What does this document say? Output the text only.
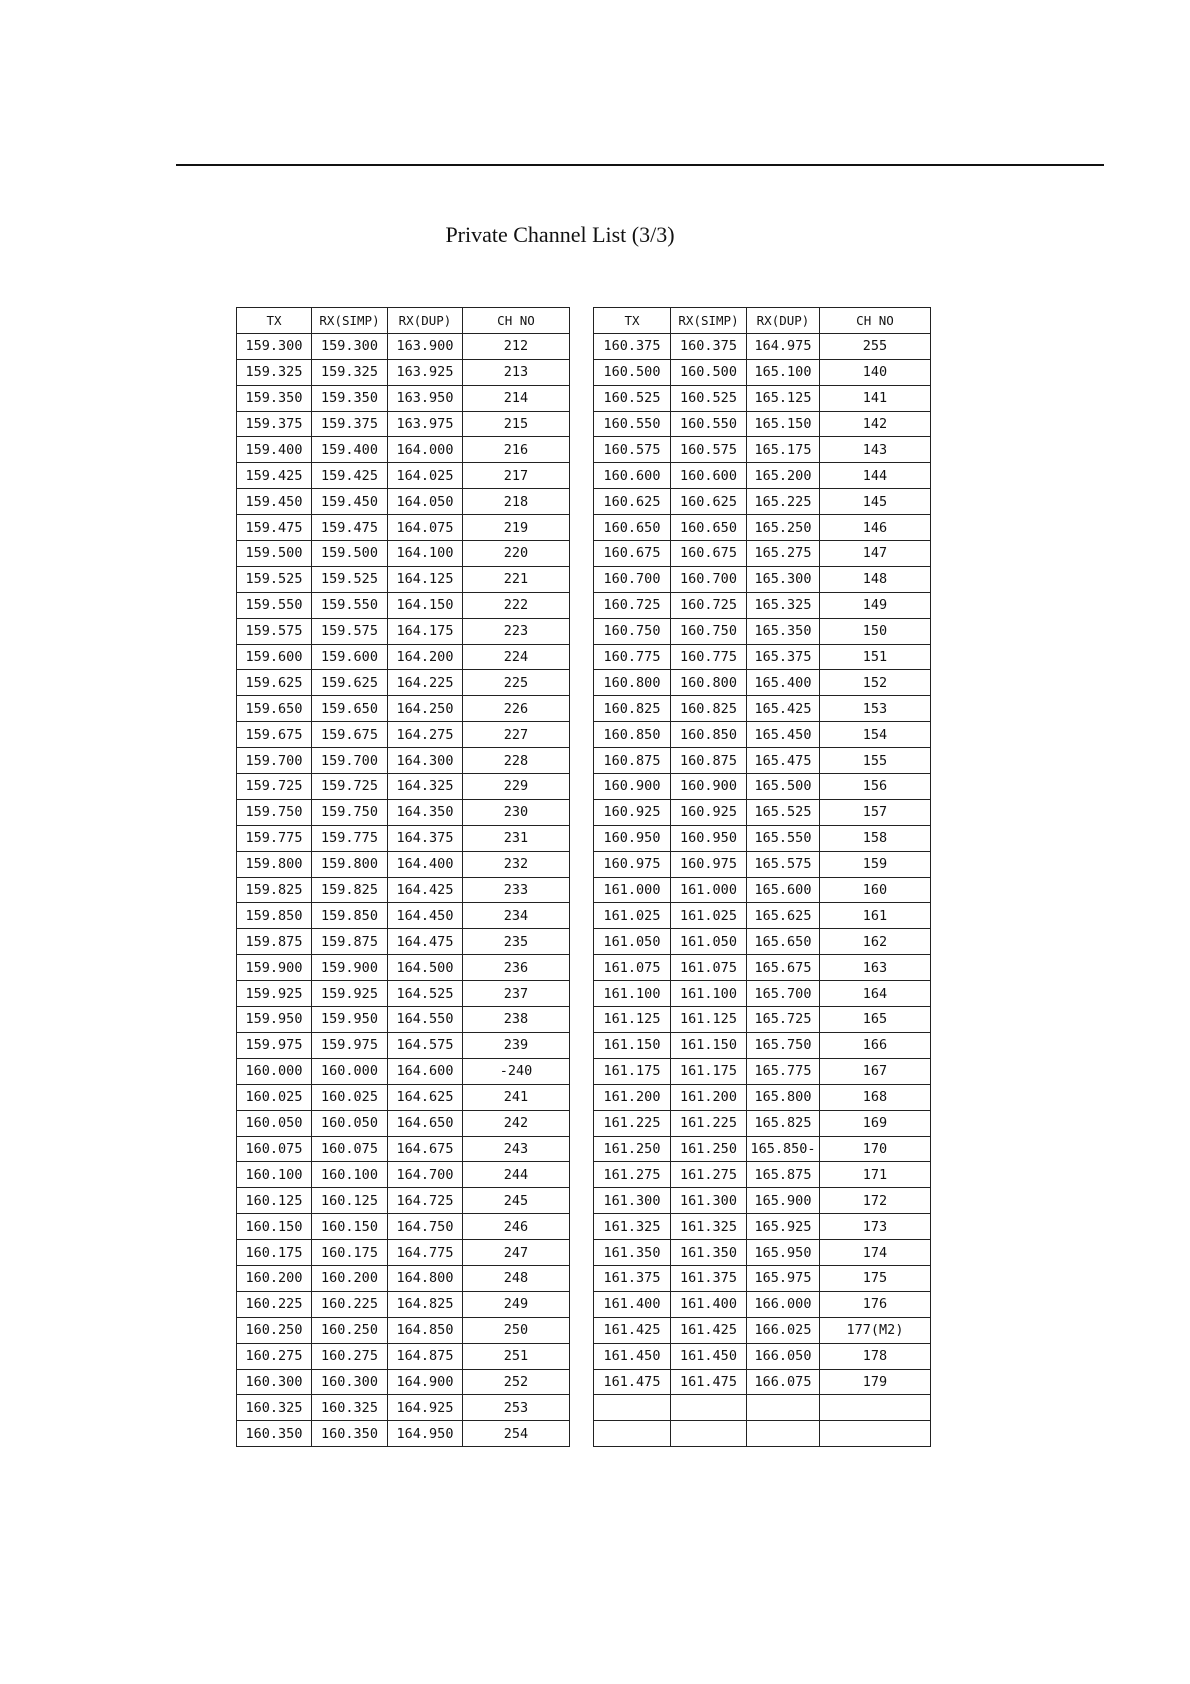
Private Channel List (3/3)
TX	RX(SIMP)	RX(DUP)	CH NO
159.300	159.300	163.900	212
159.325	159.325	163.925	213
159.350	159.350	163.950	214
159.375	159.375	163.975	215
159.400	159.400	164.000	216
159.425	159.425	164.025	217
159.450	159.450	164.050	218
159.475	159.475	164.075	219
159.500	159.500	164.100	220
159.525	159.525	164.125	221
159.550	159.550	164.150	222
159.575	159.575	164.175	223
159.600	159.600	164.200	224
159.625	159.625	164.225	225
159.650	159.650	164.250	226
159.675	159.675	164.275	227
159.700	159.700	164.300	228
159.725	159.725	164.325	229
159.750	159.750	164.350	230
159.775	159.775	164.375	231
159.800	159.800	164.400	232
159.825	159.825	164.425	233
159.850	159.850	164.450	234
159.875	159.875	164.475	235
159.900	159.900	164.500	236
159.925	159.925	164.525	237
159.950	159.950	164.550	238
159.975	159.975	164.575	239
160.000	160.000	164.600	-240
160.025	160.025	164.625	241
160.050	160.050	164.650	242
160.075	160.075	164.675	243
160.100	160.100	164.700	244
160.125	160.125	164.725	245
160.150	160.150	164.750	246
160.175	160.175	164.775	247
160.200	160.200	164.800	248
160.225	160.225	164.825	249
160.250	160.250	164.850	250
160.275	160.275	164.875	251
160.300	160.300	164.900	252
160.325	160.325	164.925	253
160.350	160.350	164.950	254
TX	RX(SIMP)	RX(DUP)	CH NO
160.375	160.375	164.975	255
160.500	160.500	165.100	140
160.525	160.525	165.125	141
160.550	160.550	165.150	142
160.575	160.575	165.175	143
160.600	160.600	165.200	144
160.625	160.625	165.225	145
160.650	160.650	165.250	146
160.675	160.675	165.275	147
160.700	160.700	165.300	148
160.725	160.725	165.325	149
160.750	160.750	165.350	150
160.775	160.775	165.375	151
160.800	160.800	165.400	152
160.825	160.825	165.425	153
160.850	160.850	165.450	154
160.875	160.875	165.475	155
160.900	160.900	165.500	156
160.925	160.925	165.525	157
160.950	160.950	165.550	158
160.975	160.975	165.575	159
161.000	161.000	165.600	160
161.025	161.025	165.625	161
161.050	161.050	165.650	162
161.075	161.075	165.675	163
161.100	161.100	165.700	164
161.125	161.125	165.725	165
161.150	161.150	165.750	166
161.175	161.175	165.775	167
161.200	161.200	165.800	168
161.225	161.225	165.825	169
161.250	161.250	165.850-	170
161.275	161.275	165.875	171
161.300	161.300	165.900	172
161.325	161.325	165.925	173
161.350	161.350	165.950	174
161.375	161.375	165.975	175
161.400	161.400	166.000	176
161.425	161.425	166.025	177(M2)
161.450	161.450	166.050	178
161.475	161.475	166.075	179
